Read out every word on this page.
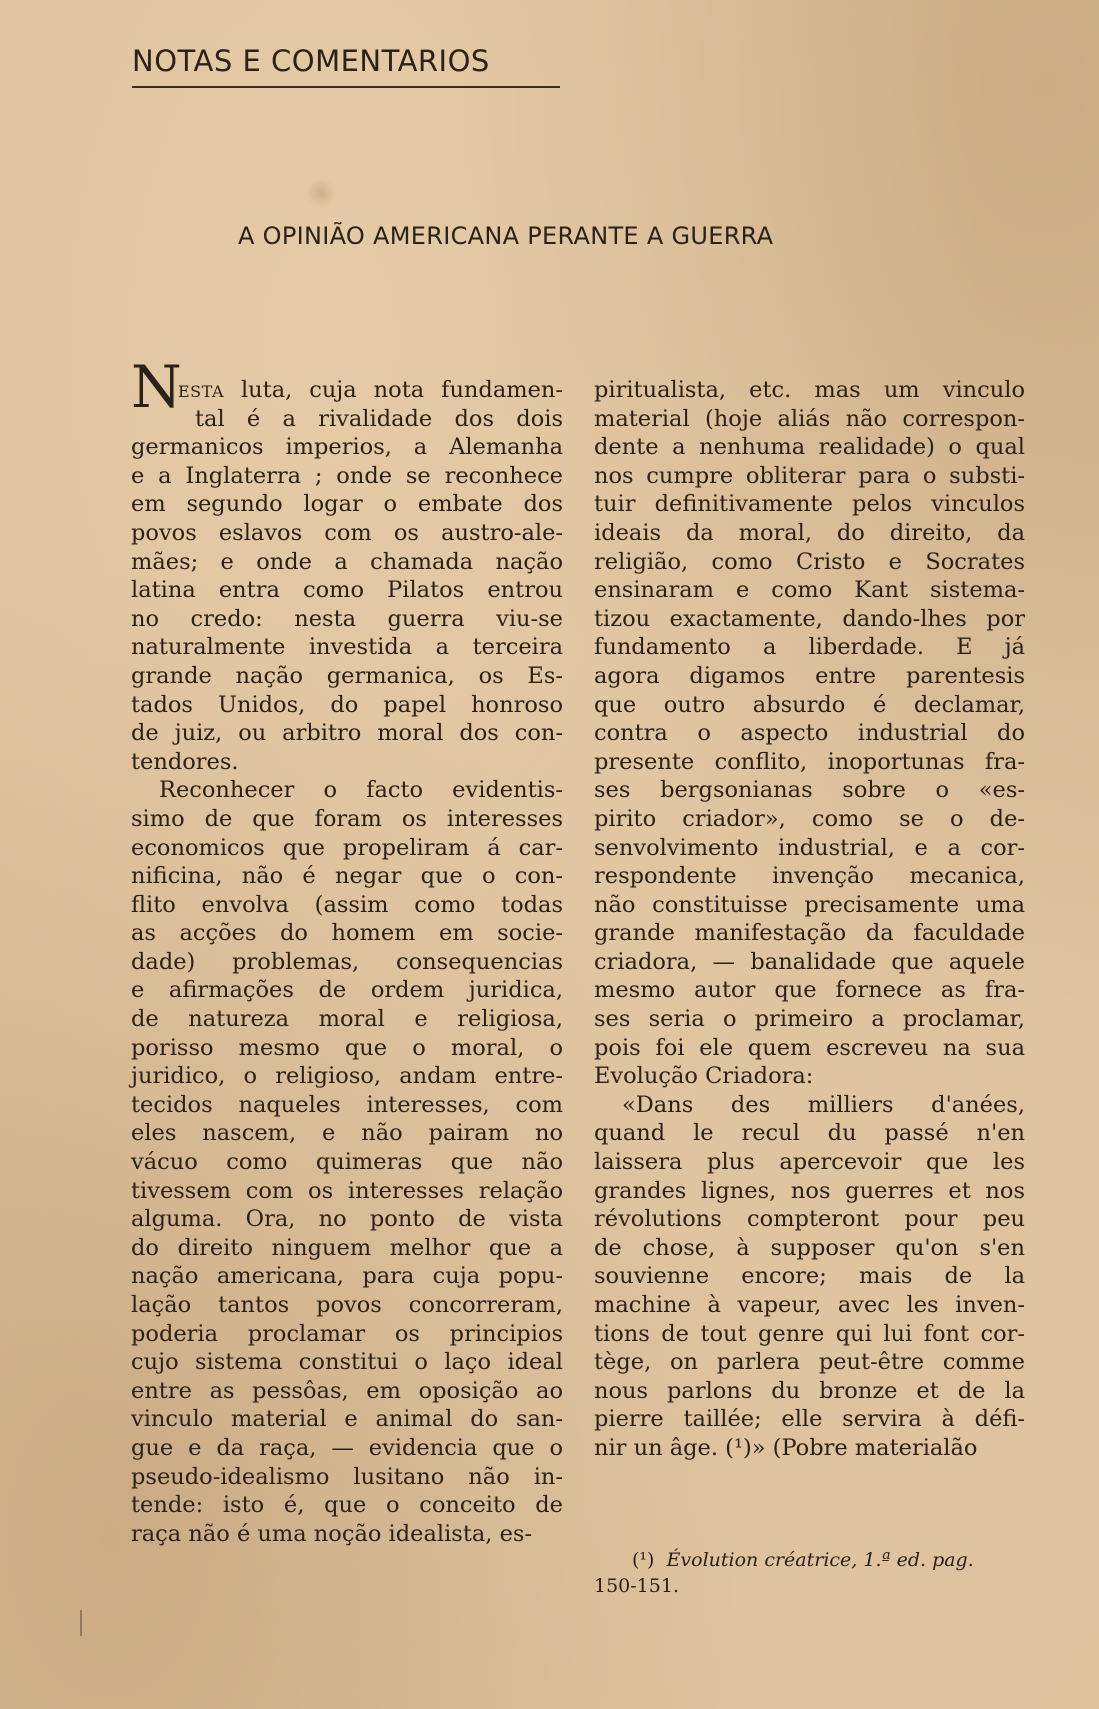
NOTAS E COMENTARIOS
A OPINIÃO AMERICANA PERANTE A GUERRA
N
ESTA luta, cuja nota fundamen-
tal é a rivalidade dos dois
germanicos imperios, a Alemanha
e a Inglaterra ; onde se reconhece
em segundo logar o embate dos
povos eslavos com os austro-ale-
mães; e onde a chamada nação
latina entra como Pilatos entrou
no credo: nesta guerra viu-se
naturalmente investida a terceira
grande nação germanica, os Es-
tados Unidos, do papel honroso
de juiz, ou arbitro moral dos con-
tendores.
Reconhecer o facto evidentis-
simo de que foram os interesses
economicos que propeliram á car-
nificina, não é negar que o con-
flito envolva (assim como todas
as acções do homem em socie-
dade) problemas, consequencias
e afirmações de ordem juridica,
de natureza moral e religiosa,
porisso mesmo que o moral, o
juridico, o religioso, andam entre-
tecidos naqueles interesses, com
eles nascem, e não pairam no
vácuo como quimeras que não
tivessem com os interesses relação
alguma. Ora, no ponto de vista
do direito ninguem melhor que a
nação americana, para cuja popu-
lação tantos povos concorreram,
poderia proclamar os principios
cujo sistema constitui o laço ideal
entre as pessôas, em oposição ao
vinculo material e animal do san-
gue e da raça, — evidencia que o
pseudo-idealismo lusitano não in-
tende: isto é, que o conceito de
raça não é uma noção idealista, es-
piritualista, etc. mas um vinculo
material (hoje aliás não correspon-
dente a nenhuma realidade) o qual
nos cumpre obliterar para o substi-
tuir definitivamente pelos vinculos
ideais da moral, do direito, da
religião, como Cristo e Socrates
ensinaram e como Kant sistema-
tizou exactamente, dando-lhes por
fundamento a liberdade. E já
agora digamos entre parentesis
que outro absurdo é declamar,
contra o aspecto industrial do
presente conflito, inoportunas fra-
ses bergsonianas sobre o «es-
pirito criador», como se o de-
senvolvimento industrial, e a cor-
respondente invenção mecanica,
não constituisse precisamente uma
grande manifestação da faculdade
criadora, — banalidade que aquele
mesmo autor que fornece as fra-
ses seria o primeiro a proclamar,
pois foi ele quem escreveu na sua
Evolução Criadora:
«Dans des milliers d'anées,
quand le recul du passé n'en
laissera plus apercevoir que les
grandes lignes, nos guerres et nos
révolutions compteront pour peu
de chose, à supposer qu'on s'en
souvienne encore; mais de la
machine à vapeur, avec les inven-
tions de tout genre qui lui font cor-
tège, on parlera peut-être comme
nous parlons du bronze et de la
pierre taillée; elle servira à défi-
nir un âge. (¹)» (Pobre materialão
(¹) Évolution créatrice, 1.ª ed. pag.
150-151.
